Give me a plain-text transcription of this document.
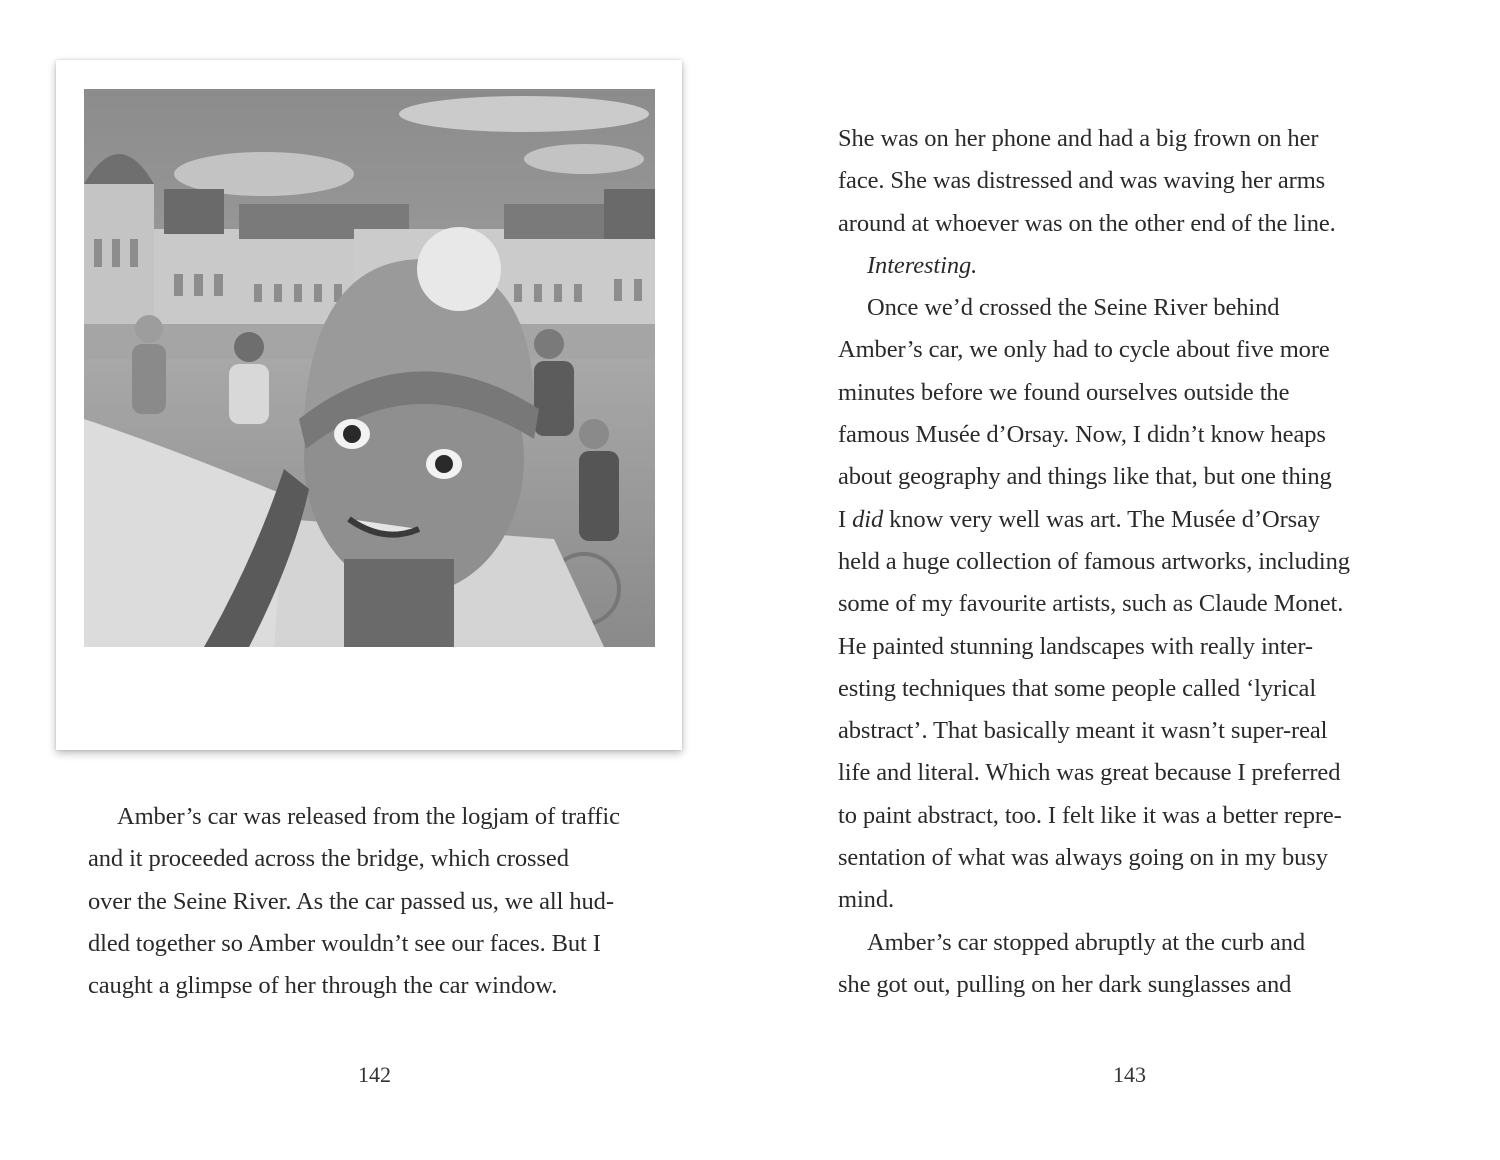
Amber’s car was released from the logjam of traffic
and it proceeded across the bridge, which crossed
over the Seine River. As the car passed us, we all hud-
dled together so Amber wouldn’t see our faces. But I
caught a glimpse of her through the car window.
142
She was on her phone and had a big frown on her
face. She was distressed and was waving her arms
around at whoever was on the other end of the line.
Interesting.
Once we’d crossed the Seine River behind
Amber’s car, we only had to cycle about five more
minutes before we found ourselves outside the
famous Musée d’Orsay. Now, I didn’t know heaps
about geography and things like that, but one thing
I did know very well was art. The Musée d’Orsay
held a huge collection of famous artworks, including
some of my favourite artists, such as Claude Monet.
He painted stunning landscapes with really inter-
esting techniques that some people called ‘lyrical
abstract’. That basically meant it wasn’t super-real
life and literal. Which was great because I preferred
to paint abstract, too. I felt like it was a better repre-
sentation of what was always going on in my busy
mind.
Amber’s car stopped abruptly at the curb and
she got out, pulling on her dark sunglasses and
143
